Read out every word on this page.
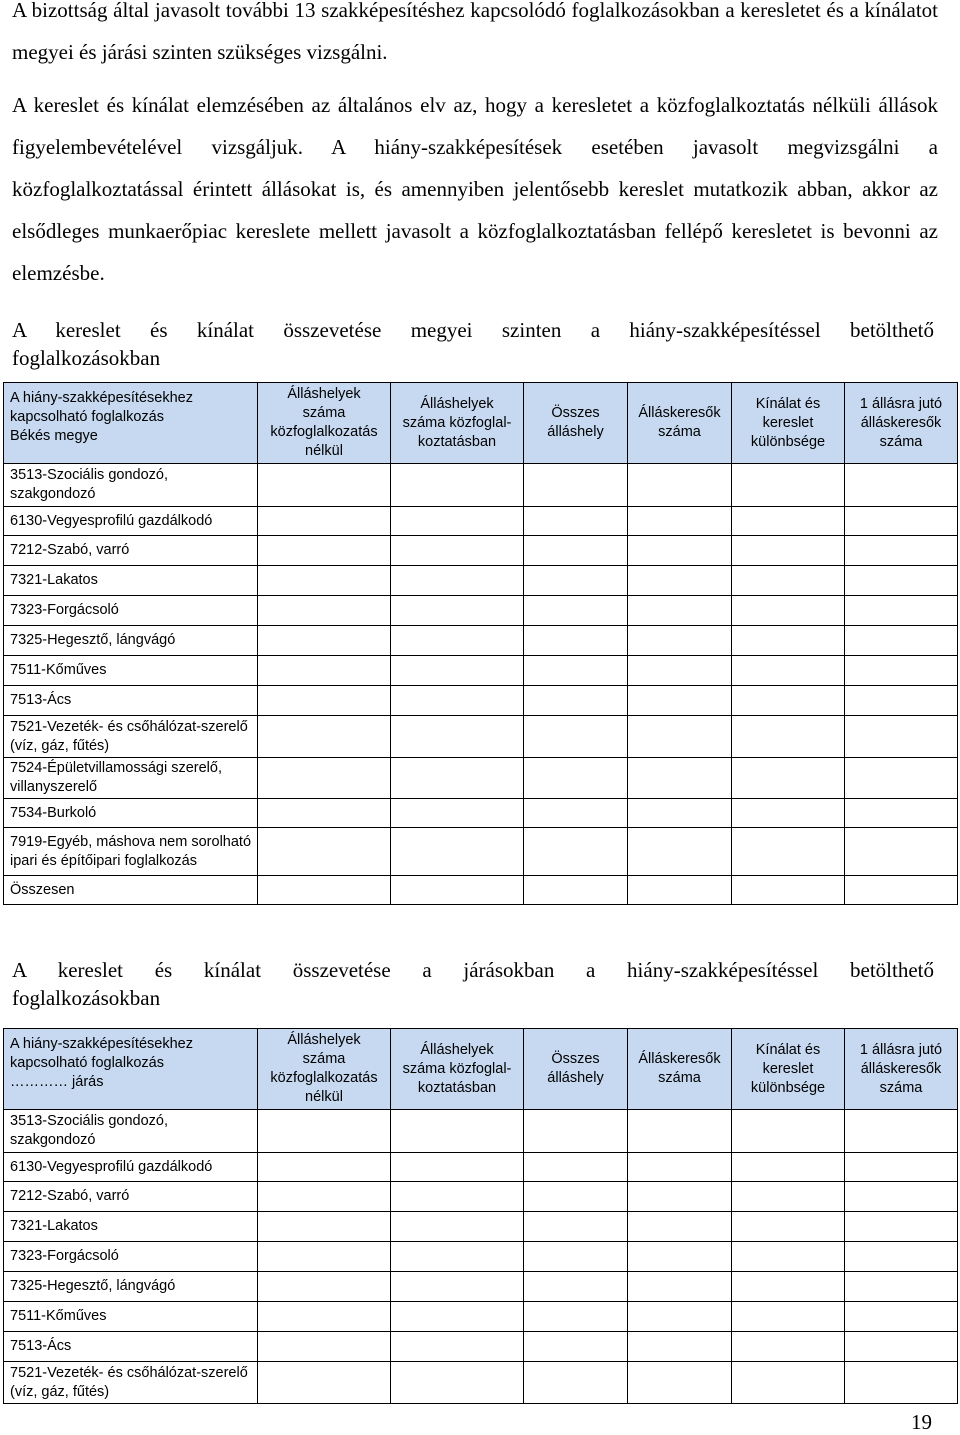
A bizottság által javasolt további 13 szakképesítéshez kapcsolódó foglalkozásokban a keresletet és a kínálatot megyei és járási szinten szükséges vizsgálni.

A kereslet és kínálat elemzésében az általános elv az, hogy a keresletet a közfoglalkoztatás nélküli állások figyelembevételével vizsgáljuk. A hiány-szakképesítések esetében javasolt megvizsgálni a közfoglalkoztatással érintett állásokat is, és amennyiben jelentősebb kereslet mutatkozik abban, akkor az elsődleges munkaerőpiac kereslete mellett javasolt a közfoglalkoztatásban fellépő keresletet is bevonni az elemzésbe.

A kereslet és kínálat összevetése megyei szinten a hiány-szakképesítéssel betölthető
foglalkozásokban
A hiány-szakképesítésekhez
kapcsolható foglalkozás
Békés megye	Álláshelyek száma közfoglalkozatás nélkül	Álláshelyek száma közfoglal-koztatásban	Összes álláshely	Álláskeresők száma	Kínálat és kereslet különbsége	1 állásra jutó álláskeresők száma
3513-Szociális gondozó, szakgondozó						
6130-Vegyesprofilú gazdálkodó						
7212-Szabó, varró						
7321-Lakatos						
7323-Forgácsoló						
7325-Hegesztő, lángvágó						
7511-Kőműves						
7513-Ács						
7521-Vezeték- és csőhálózat-szerelő (víz, gáz, fűtés)						
7524-Épületvillamossági szerelő, villanyszerelő						
7534-Burkoló						
7919-Egyéb, máshova nem sorolható ipari és építőipari foglalkozás						
Összesen						
A kereslet és kínálat összevetése a járásokban a hiány-szakképesítéssel betölthető
foglalkozásokban
A hiány-szakképesítésekhez
kapcsolható foglalkozás
………… járás	Álláshelyek száma közfoglalkozatás nélkül	Álláshelyek száma közfoglal-koztatásban	Összes álláshely	Álláskeresők száma	Kínálat és kereslet különbsége	1 állásra jutó álláskeresők száma
3513-Szociális gondozó, szakgondozó						
6130-Vegyesprofilú gazdálkodó						
7212-Szabó, varró						
7321-Lakatos						
7323-Forgácsoló						
7325-Hegesztő, lángvágó						
7511-Kőműves						
7513-Ács						
7521-Vezeték- és csőhálózat-szerelő (víz, gáz, fűtés)						
19
